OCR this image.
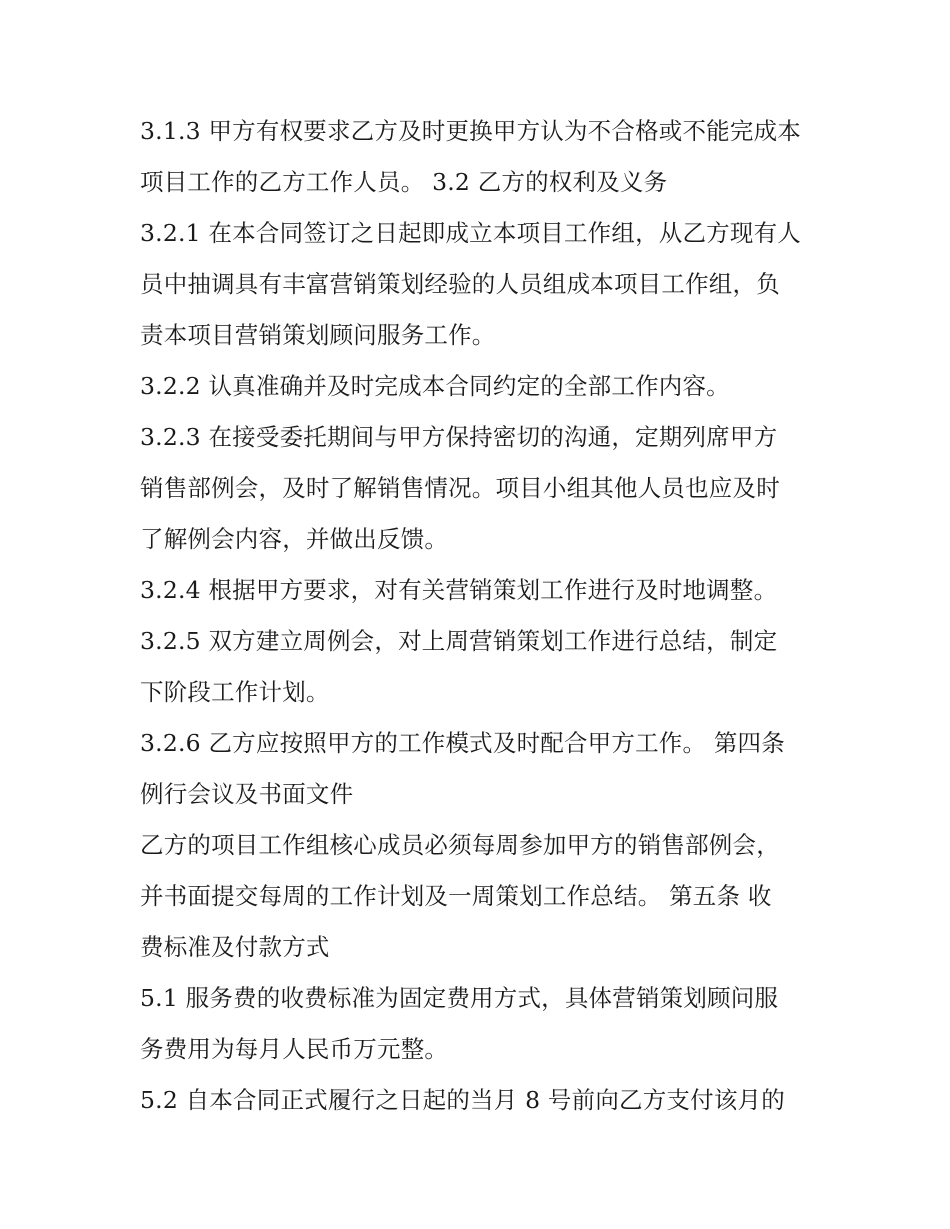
3.1.3 甲方有权要求乙方及时更换甲方认为不合格或不能完成本
项目工作的乙方工作人员。 3.2 乙方的权利及义务
3.2.1 在本合同签订之日起即成立本项目工作组，从乙方现有人
员中抽调具有丰富营销策划经验的人员组成本项目工作组，负
责本项目营销策划顾问服务工作。
3.2.2 认真准确并及时完成本合同约定的全部工作内容。
3.2.3 在接受委托期间与甲方保持密切的沟通，定期列席甲方
销售部例会，及时了解销售情况。项目小组其他人员也应及时
了解例会内容，并做出反馈。
3.2.4 根据甲方要求，对有关营销策划工作进行及时地调整。
3.2.5 双方建立周例会，对上周营销策划工作进行总结，制定
下阶段工作计划。
3.2.6 乙方应按照甲方的工作模式及时配合甲方工作。 第四条
例行会议及书面文件
乙方的项目工作组核心成员必须每周参加甲方的销售部例会，
并书面提交每周的工作计划及一周策划工作总结。 第五条 收
费标准及付款方式
5.1 服务费的收费标准为固定费用方式，具体营销策划顾问服
务费用为每月人民币万元整。
5.2 自本合同正式履行之日起的当月 8 号前向乙方支付该月的
